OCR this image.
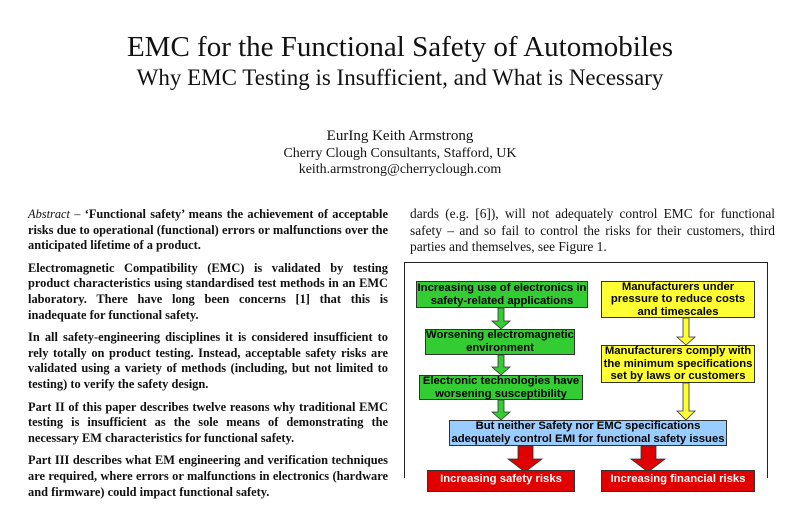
EMC for the Functional Safety of Automobiles
Why EMC Testing is Insufficient, and What is Necessary
EurIng Keith Armstrong
Cherry Clough Consultants, Stafford, UK
keith.armstrong@cherryclough.com

Abstract – ‘Functional safety’ means the achievement of acceptable risks due to operational (functional) errors or malfunctions over the anticipated lifetime of a product.

Electromagnetic Compatibility (EMC) is validated by testing product characteristics using standardised test methods in an EMC laboratory. There have long been concerns [1] that this is inadequate for functional safety.

In all safety-engineering disciplines it is considered insufficient to rely totally on product testing. Instead, acceptable safety risks are validated using a variety of methods (including, but not limited to testing) to verify the safety design.

Part II of this paper describes twelve reasons why traditional EMC testing is insufficient as the sole means of demonstrating the necessary EM characteristics for functional safety.

Part III describes what EM engineering and verification techniques are required, where errors or malfunctions in electronics (hardware and firmware) could impact functional safety.

dards (e.g. [6]), will not adequately control EMC for functional safety – and so fail to control the risks for their customers, third parties and themselves, see Figure 1.
Increasing use of electronics in safety-related applications
Worsening electromagnetic environment
Electronic technologies have worsening susceptibility
Manufacturers under pressure to reduce costs and timescales
Manufacturers comply with the minimum specifications set by laws or customers
But neither Safety nor EMC specifications adequately control EMI for functional safety issues
Increasing safety risks	Increasing financial risks
